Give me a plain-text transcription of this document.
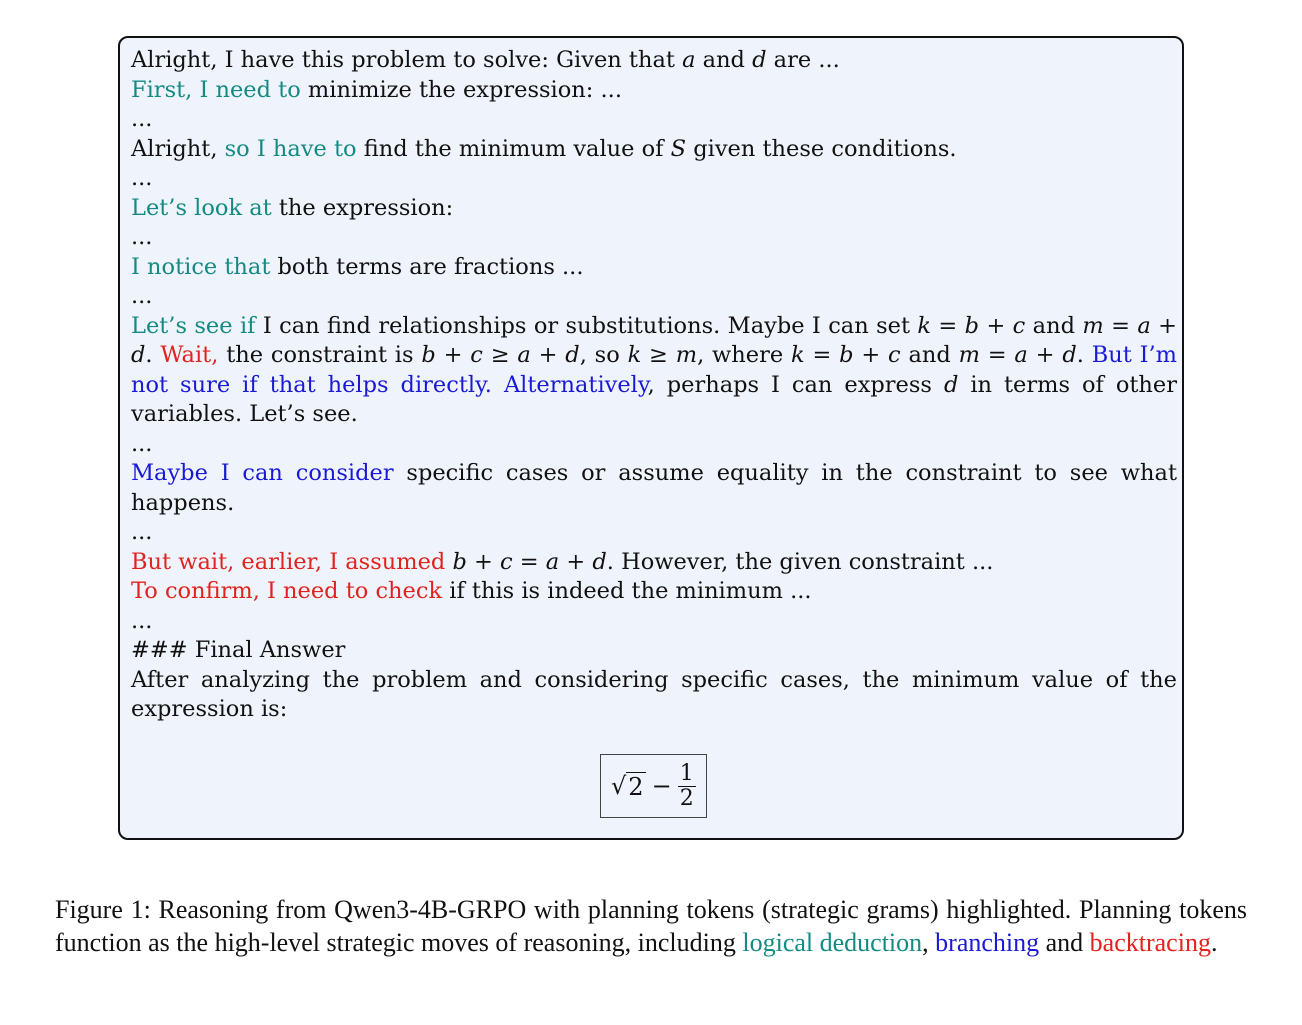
Alright, I have this problem to solve: Given that a and d are ...
First, I need to minimize the expression: ...
...
Alright, so I have to find the minimum value of S given these conditions.
...
Let’s look at the expression:
...
I notice that both terms are fractions ...
...
Let’s see if I can find relationships or substitutions. Maybe I can set k = b + c and m = a + d. Wait, the constraint is b + c ≥ a + d, so k ≥ m, where k = b + c and m = a + d. But I’m not sure if that helps directly. Alternatively, perhaps I can express d in terms of other variables. Let’s see.
...
Maybe I can consider specific cases or assume equality in the constraint to see what happens.
...
But wait, earlier, I assumed b + c = a + d. However, the given constraint ...
To confirm, I need to check if this is indeed the minimum ...
...
### Final Answer
After analyzing the problem and considering specific cases, the minimum value of the expression is:
√ $2 - \frac{1}{2}$
Figure 1: Reasoning from Qwen3-4B-GRPO with planning tokens (strategic grams) highlighted. Planning tokens function as the high-level strategic moves of reasoning, including logical deduction, branching and backtracing.
